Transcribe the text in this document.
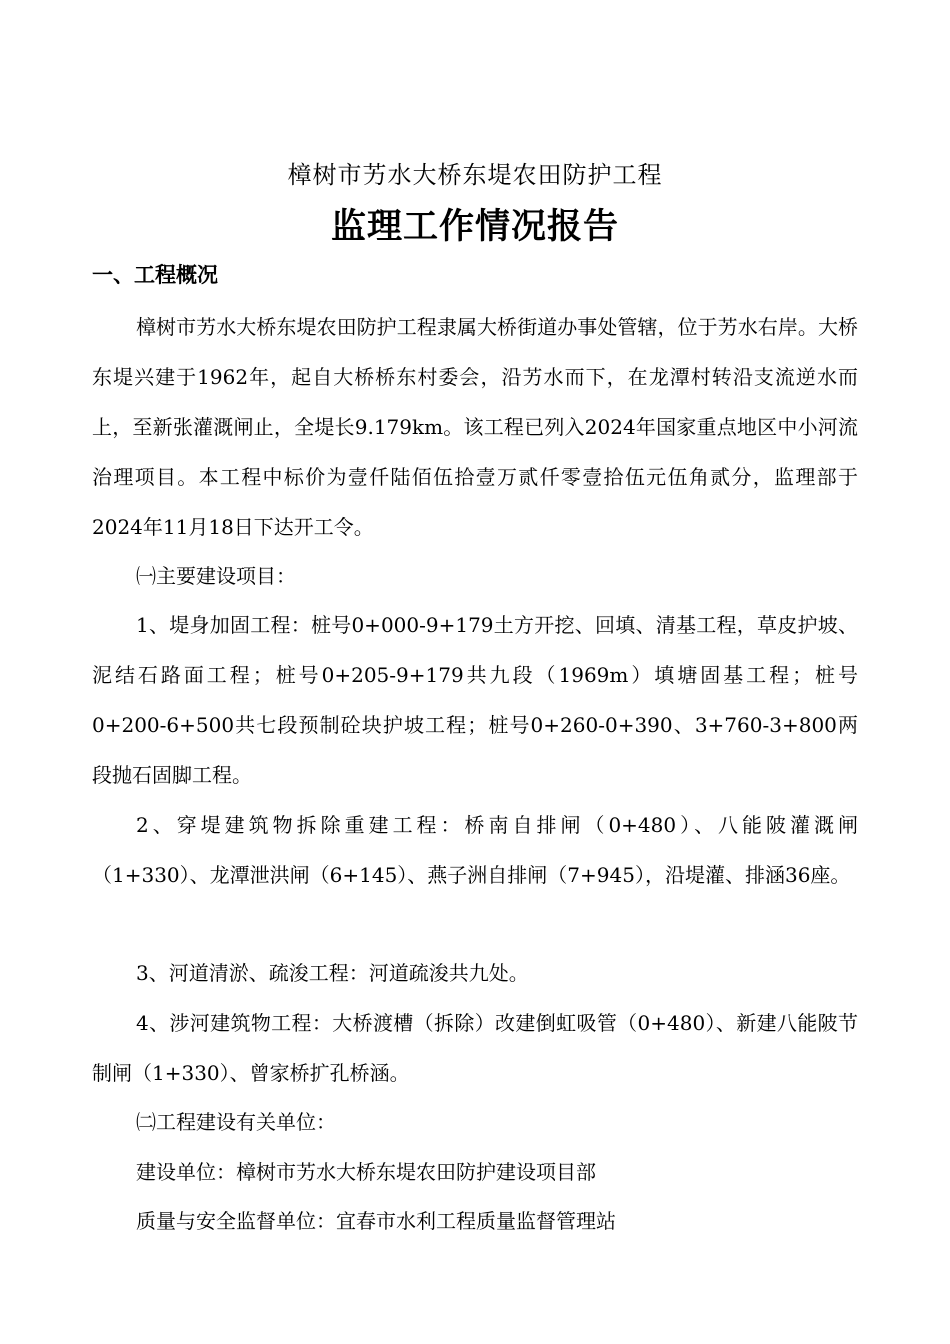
樟树市艻水大桥东堤农田防护工程
监理工作情况报告
一、工程概况

樟树市艻水大桥东堤农田防护工程隶属大桥街道办事处管辖，位于艻水右岸。大桥东堤兴建于1962年，起自大桥桥东村委会，沿艻水而下，在龙潭村转沿支流逆水而上，至新张灌溉闸止，全堤长9.179km。该工程已列入2024年国家重点地区中小河流治理项目。本工程中标价为壹仟陆佰伍拾壹万贰仟零壹拾伍元伍角贰分，监理部于2024年11月18日下达开工令。

㈠主要建设项目：

1、堤身加固工程：桩号0+000-9+179土方开挖、回填、清基工程，草皮护坡、泥结石路面工程；桩号0+205-9+179共九段（1969m）填塘固基工程；桩号0+200-6+500共七段预制砼块护坡工程；桩号0+260-0+390、3+760-3+800两段抛石固脚工程。

2、穿堤建筑物拆除重建工程：桥南自排闸（0+480）、八能陂灌溉闸（1+330）、龙潭泄洪闸（6+145）、燕子洲自排闸（7+945），沿堤灌、排涵36座。

3、河道清淤、疏浚工程：河道疏浚共九处。

4、涉河建筑物工程：大桥渡槽（拆除）改建倒虹吸管（0+480）、新建八能陂节制闸（1+330）、曾家桥扩孔桥涵。

㈡工程建设有关单位：

建设单位：樟树市艻水大桥东堤农田防护建设项目部

质量与安全监督单位：宜春市水利工程质量监督管理站
